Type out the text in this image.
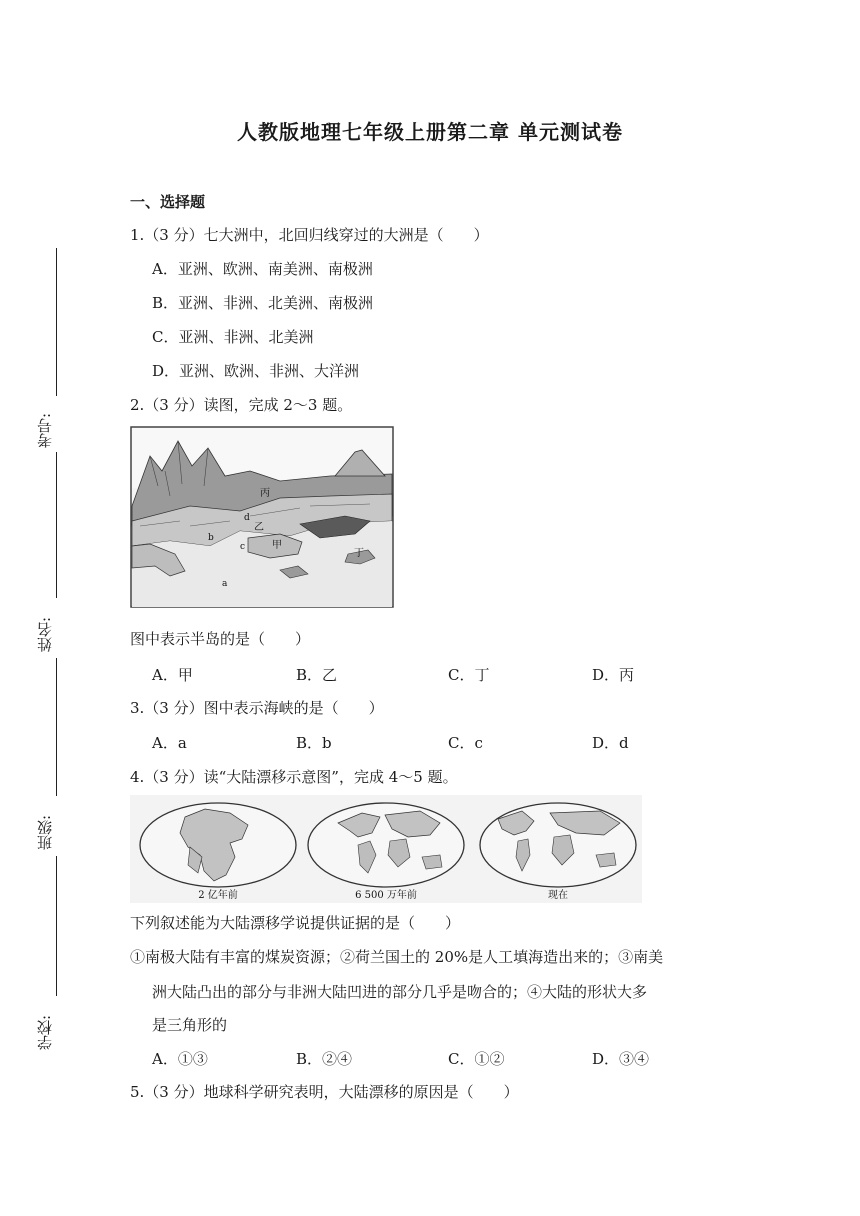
人教版地理七年级上册第二章 单元测试卷
考号:
姓名:
班级:
学校:
一、选择题
1.（3 分）七大洲中，北回归线穿过的大洲是（　　）
A．亚洲、欧洲、南美洲、南极洲
B．亚洲、非洲、北美洲、南极洲
C．亚洲、非洲、北美洲
D．亚洲、欧洲、非洲、大洋洲
2.（3 分）读图，完成 2～3 题。
丙
d
乙
b
c	甲
丁
a
图中表示半岛的是（　　）
A．甲	B．乙	C．丁	D．丙
3.（3 分）图中表示海峡的是（　　）
A．a	B．b	C．c	D．d
4.（3 分）读“大陆漂移示意图”，完成 4～5 题。
2 亿年前	6 500 万年前	现在
下列叙述能为大陆漂移学说提供证据的是（　　）
①南极大陆有丰富的煤炭资源；②荷兰国土的 20%是人工填海造出来的；③南美
洲大陆凸出的部分与非洲大陆凹进的部分几乎是吻合的；④大陆的形状大多
是三角形的
A．①③	B．②④	C．①②	D．③④
5.（3 分）地球科学研究表明，大陆漂移的原因是（　　）
